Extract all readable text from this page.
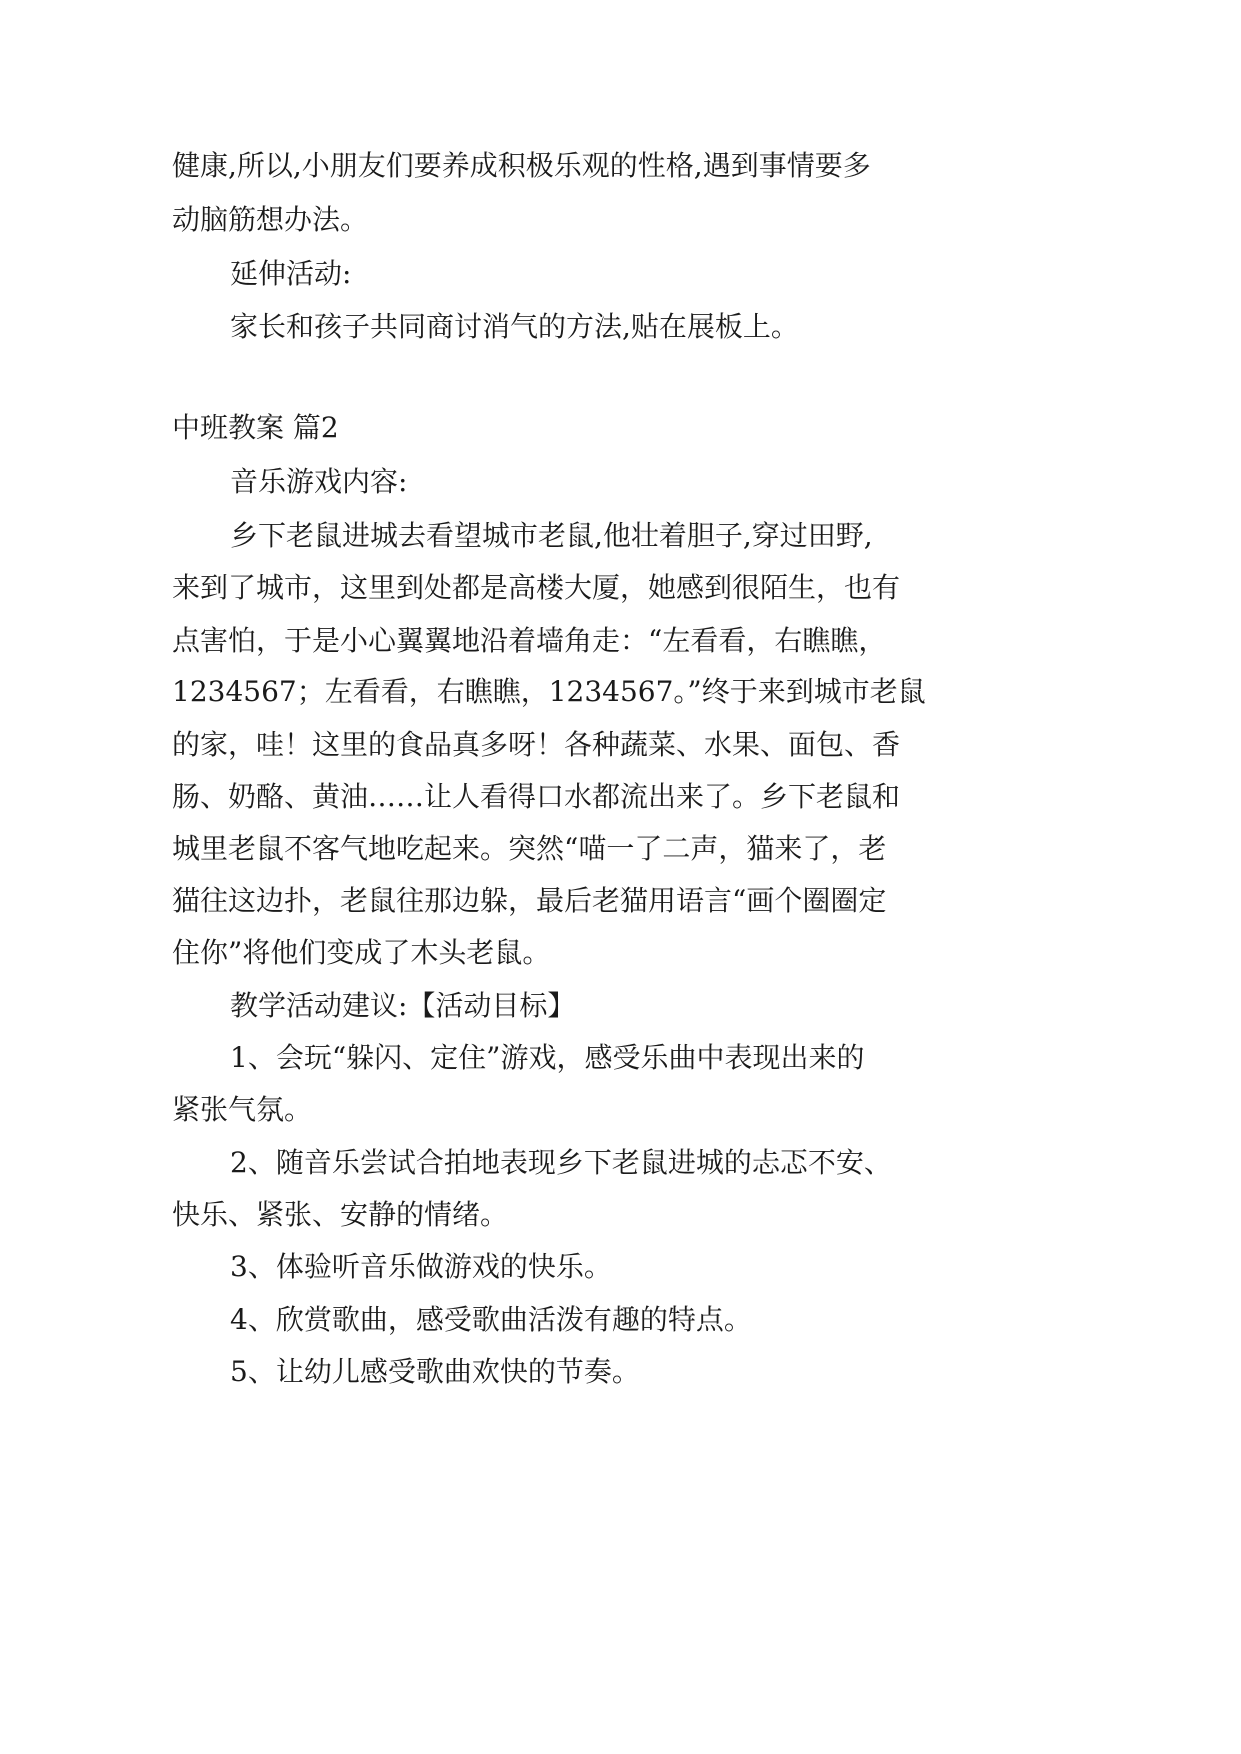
健康,所以,小朋友们要养成积极乐观的性格,遇到事情要多
动脑筋想办法。
延伸活动:
家长和孩子共同商讨消气的方法,贴在展板上。
中班教案 篇2
音乐游戏内容:
乡下老鼠进城去看望城市老鼠,他壮着胆子,穿过田野,
来到了城市，这里到处都是高楼大厦，她感到很陌生，也有
点害怕，于是小心翼翼地沿着墙角走：“左看看，右瞧瞧，
1234567；左看看，右瞧瞧，1234567。”终于来到城市老鼠
的家，哇！这里的食品真多呀！各种蔬菜、水果、面包、香
肠、奶酪、黄油……让人看得口水都流出来了。乡下老鼠和
城里老鼠不客气地吃起来。突然“喵一了二声，猫来了，老
猫往这边扑，老鼠往那边躲，最后老猫用语言“画个圈圈定
住你”将他们变成了木头老鼠。
教学活动建议:【活动目标】
1、会玩“躲闪、定住”游戏，感受乐曲中表现出来的
紧张气氛。
2、随音乐尝试合拍地表现乡下老鼠进城的忐忑不安、
快乐、紧张、安静的情绪。
3、体验听音乐做游戏的快乐。
4、欣赏歌曲，感受歌曲活泼有趣的特点。
5、让幼儿感受歌曲欢快的节奏。
